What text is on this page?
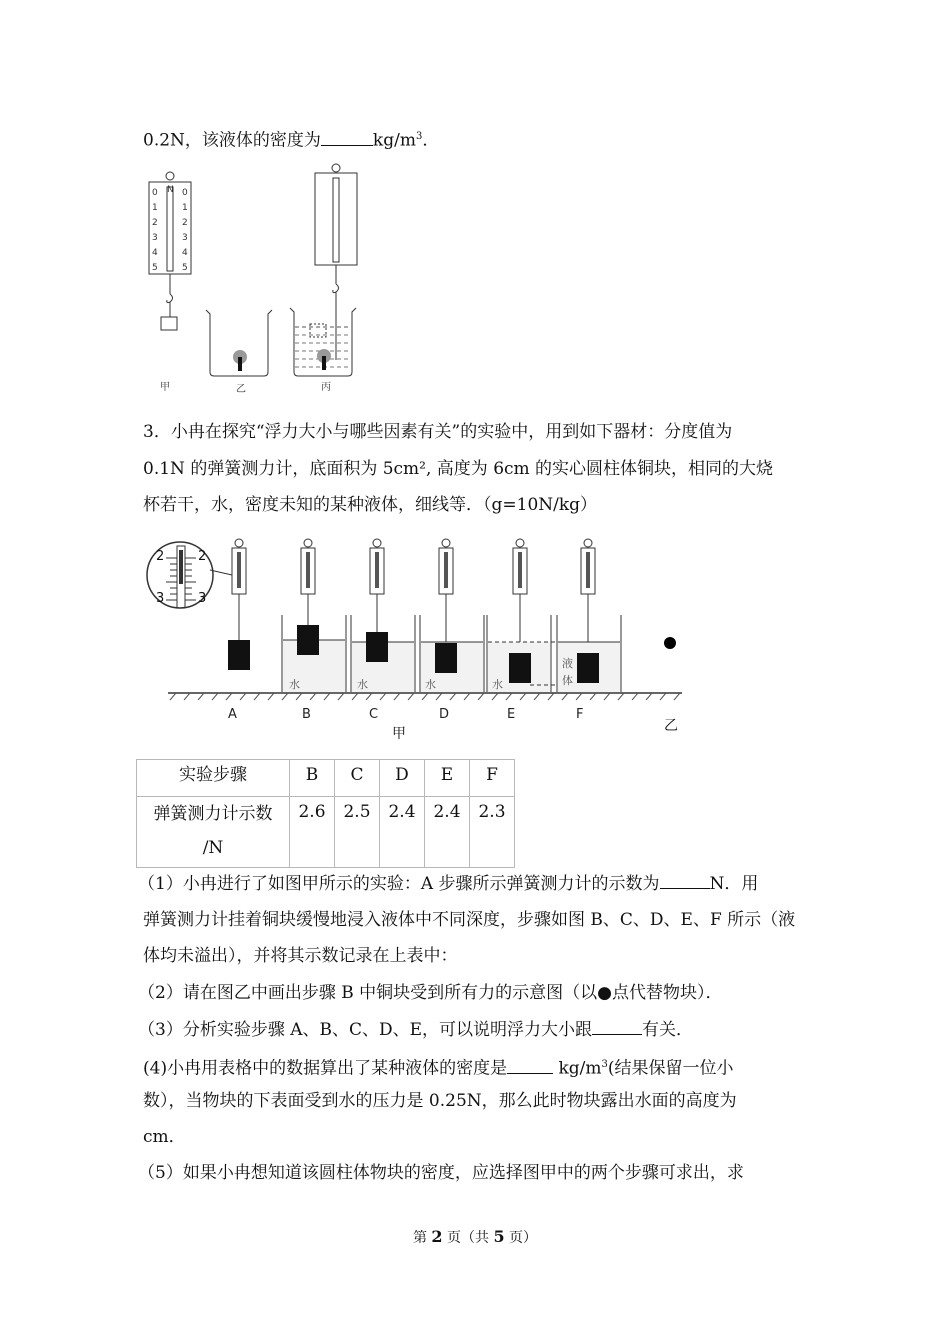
0.2N，该液体的密度为	$kg/m^3$．
N
0
1
2
3
4
5
0
1
2
3
4
5
甲	乙	丙
3．小冉在探究“浮力大小与哪些因素有关”的实验中，用到如下器材：分度值为
0.1N 的弹簧测力计，底面积为 5cm², 高度为 6cm 的实心圆柱体铜块，相同的大烧
杯若干，水，密度未知的某种液体，细线等．（g=10N/kg）
2	2
3	3
水	水	水	水
液
体
A	B	C	D	E	F
甲	乙
实验步骤	B	C	D	E	F

弹簧测力计示数
/N	2.6	2.5	2.4	2.4	2.3
（1）小冉进行了如图甲所示的实验：A 步骤所示弹簧测力计的示数为	N．用
弹簧测力计挂着铜块缓慢地浸入液体中不同深度，步骤如图 B、C、D、E、F 所示（液
体均未溢出），并将其示数记录在上表中：
（2）请在图乙中画出步骤 B 中铜块受到所有力的示意图（以●点代替物块）．
（3）分析实验步骤 A、B、C、D、E，可以说明浮力大小跟	有关．
(4)小冉用表格中的数据算出了某种液体的密度是	$kg/m^3$(结果保留一位小
数），当物块的下表面受到水的压力是 0.25N，那么此时物块露出水面的高度为
cm．
（5）如果小冉想知道该圆柱体物块的密度，应选择图甲中的两个步骤可求出，求
第 2 页（共 5 页）
